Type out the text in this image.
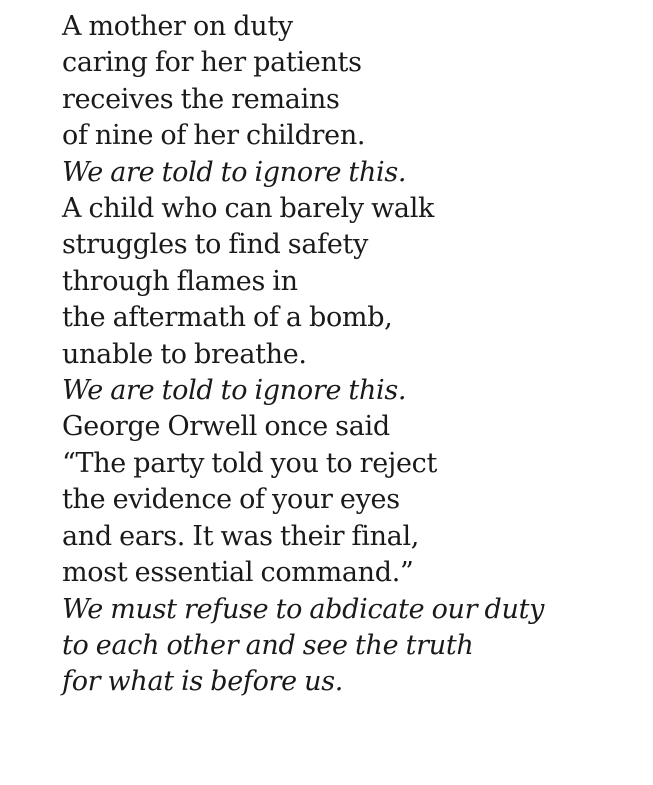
A mother on duty
caring for her patients
receives the remains
of nine of her children.
We are told to ignore this.
A child who can barely walk
struggles to find safety
through flames in
the aftermath of a bomb,
unable to breathe.
We are told to ignore this.
George Orwell once said
“The party told you to reject
the evidence of your eyes
and ears. It was their final,
most essential command.”
We must refuse to abdicate our duty
to each other and see the truth
for what is before us.
